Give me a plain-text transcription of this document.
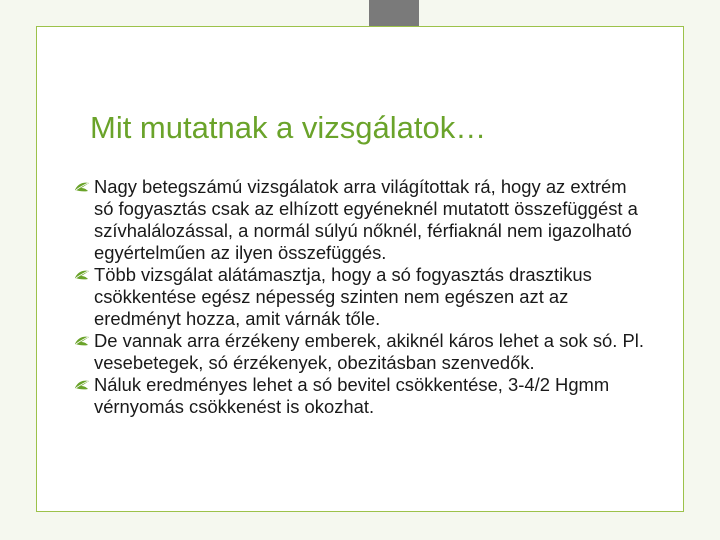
Mit mutatnak a vizsgálatok…
Nagy betegszámú vizsgálatok arra világítottak rá, hogy az extrém só fogyasztás csak az elhízott egyéneknél mutatott összefüggést a szívhalálozással, a normál súlyú nőknél, férfiaknál nem igazolható egyértelműen az ilyen összefüggés.
Több vizsgálat alátámasztja, hogy a só fogyasztás drasztikus csökkentése egész népesség szinten nem egészen azt az eredményt hozza, amit várnák tőle.
De vannak arra érzékeny emberek, akiknél káros lehet a sok só. Pl. vesebetegek, só érzékenyek, obezitásban szenvedők.
Náluk eredményes lehet a só bevitel csökkentése, 3-4/2 Hgmm vérnyomás csökkenést is okozhat.
